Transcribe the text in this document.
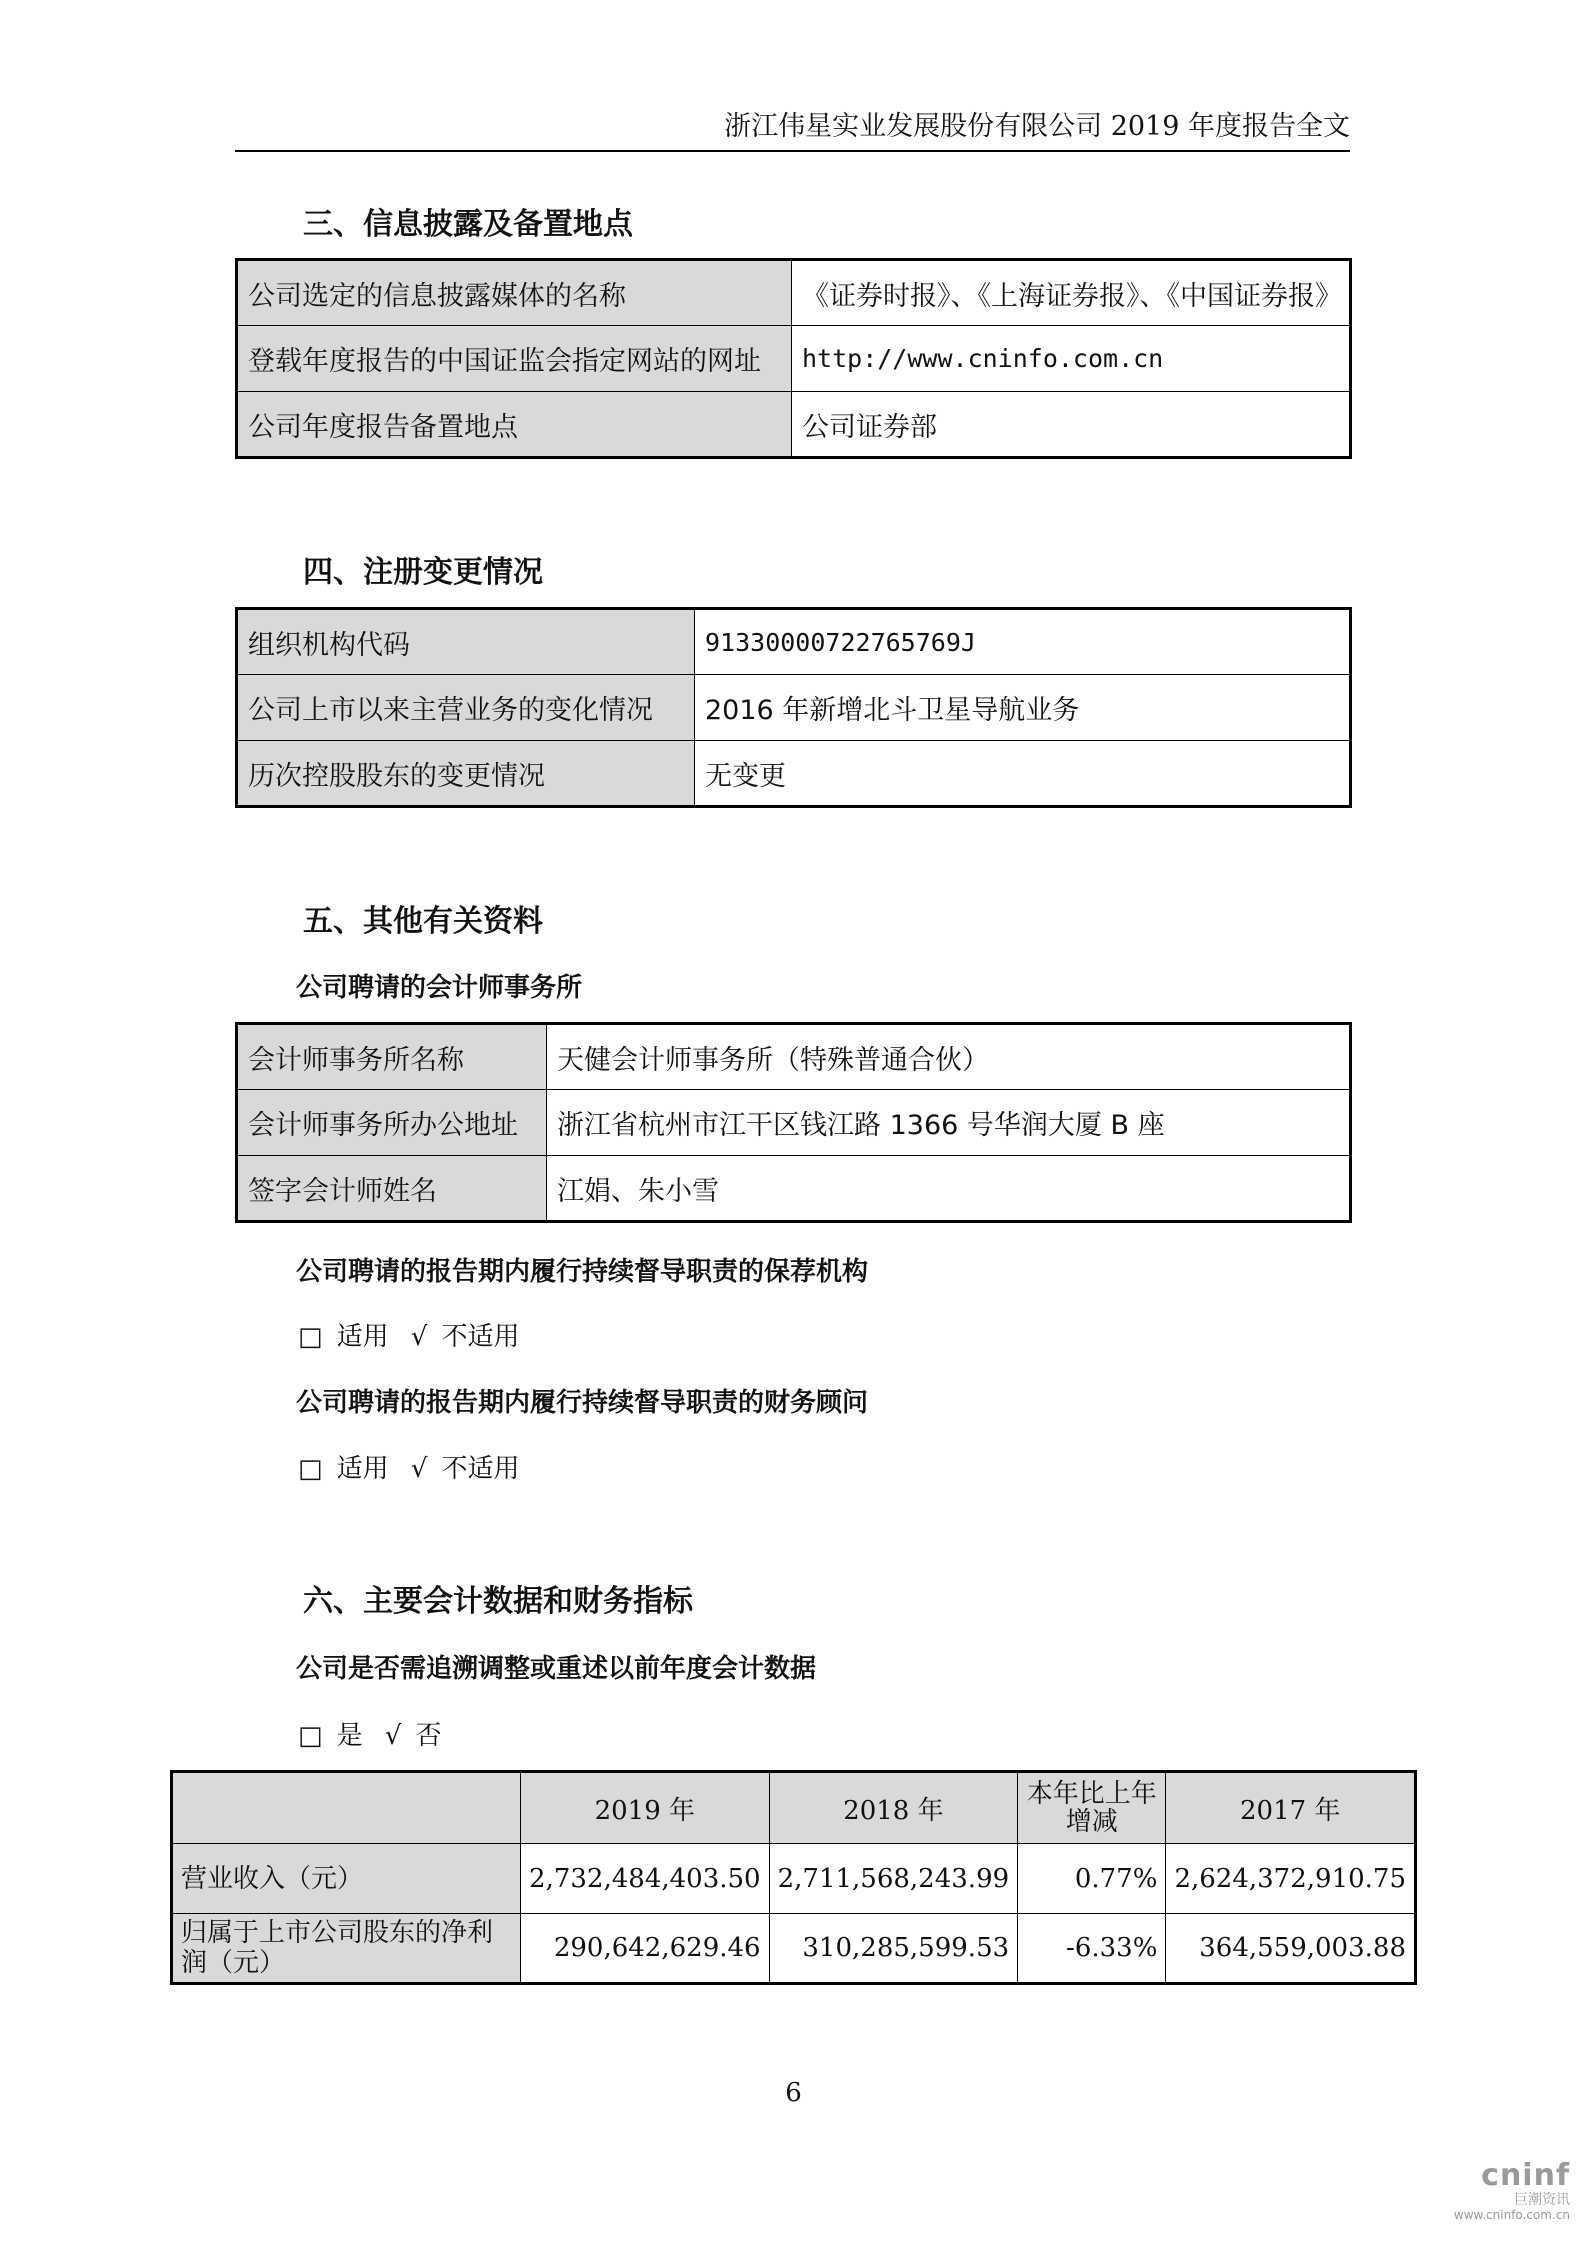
浙江伟星实业发展股份有限公司 2019 年度报告全文
三、信息披露及备置地点
公司选定的信息披露媒体的名称	《证券时报》、《上海证券报》、《中国证券报》
登载年度报告的中国证监会指定网站的网址	http://www.cninfo.com.cn
公司年度报告备置地点	公司证券部
四、注册变更情况
组织机构代码	91330000722765769J
公司上市以来主营业务的变化情况	2016 年新增北斗卫星导航业务
历次控股股东的变更情况	无变更
五、其他有关资料
公司聘请的会计师事务所
会计师事务所名称	天健会计师事务所（特殊普通合伙）
会计师事务所办公地址	浙江省杭州市江干区钱江路 1366 号华润大厦 B 座
签字会计师姓名	江娟、朱小雪
公司聘请的报告期内履行持续督导职责的保荐机构
□ 适用 √ 不适用
公司聘请的报告期内履行持续督导职责的财务顾问
□ 适用 √ 不适用
六、主要会计数据和财务指标
公司是否需追溯调整或重述以前年度会计数据
□ 是 √ 否
	2019 年	2018 年	本年比上年增减	2017 年
营业收入（元）	2,732,484,403.50	2,711,568,243.99	0.77%	2,624,372,910.75
归属于上市公司股东的净利润（元）	290,642,629.46	310,285,599.53	-6.33%	364,559,003.88
6
cninf
巨潮资讯
www.cninfo.com.cn
